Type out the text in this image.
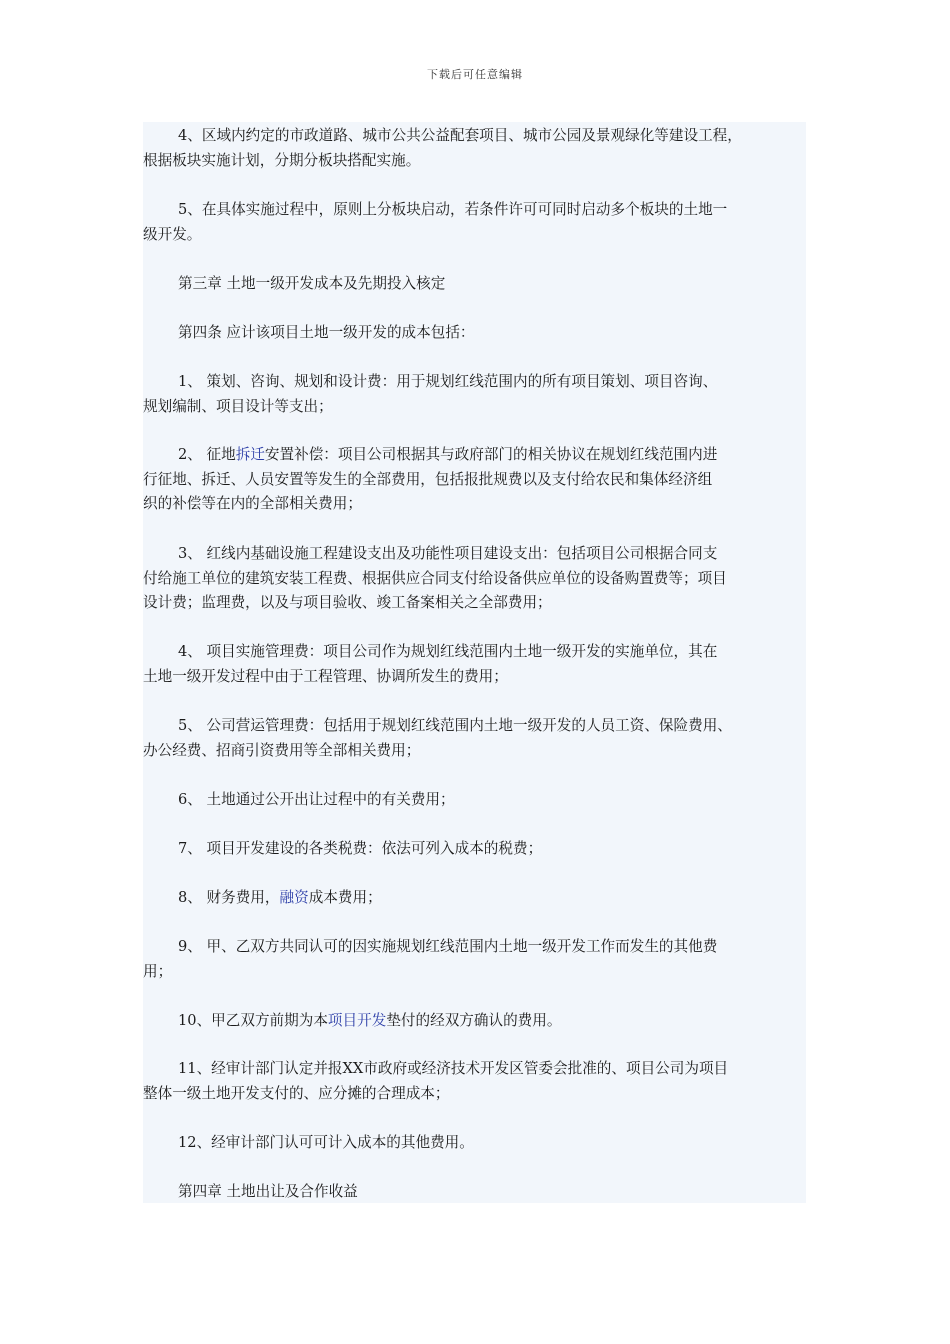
下载后可任意编辑

4、区域内约定的市政道路、城市公共公益配套项目、城市公园及景观绿化等建设工程，
根据板块实施计划，分期分板块搭配实施。

5、在具体实施过程中，原则上分板块启动，若条件许可可同时启动多个板块的土地一
级开发。

第三章 土地一级开发成本及先期投入核定

第四条 应计该项目土地一级开发的成本包括：

1、 策划、咨询、规划和设计费：用于规划红线范围内的所有项目策划、项目咨询、
规划编制、项目设计等支出；

2、 征地拆迁安置补偿：项目公司根据其与政府部门的相关协议在规划红线范围内进
行征地、拆迁、人员安置等发生的全部费用，包括报批规费以及支付给农民和集体经济组
织的补偿等在内的全部相关费用；

3、 红线内基础设施工程建设支出及功能性项目建设支出：包括项目公司根据合同支
付给施工单位的建筑安装工程费、根据供应合同支付给设备供应单位的设备购置费等；项目
设计费；监理费，以及与项目验收、竣工备案相关之全部费用；

4、 项目实施管理费：项目公司作为规划红线范围内土地一级开发的实施单位，其在
土地一级开发过程中由于工程管理、协调所发生的费用；

5、 公司营运管理费：包括用于规划红线范围内土地一级开发的人员工资、保险费用、
办公经费、招商引资费用等全部相关费用；

6、 土地通过公开出让过程中的有关费用；

7、 项目开发建设的各类税费：依法可列入成本的税费；

8、 财务费用，融资成本费用；

9、 甲、乙双方共同认可的因实施规划红线范围内土地一级开发工作而发生的其他费
用；

10、甲乙双方前期为本项目开发垫付的经双方确认的费用。

11、经审计部门认定并报XX市政府或经济技术开发区管委会批准的、项目公司为项目
整体一级土地开发支付的、应分摊的合理成本；

12、经审计部门认可可计入成本的其他费用。

第四章 土地出让及合作收益
